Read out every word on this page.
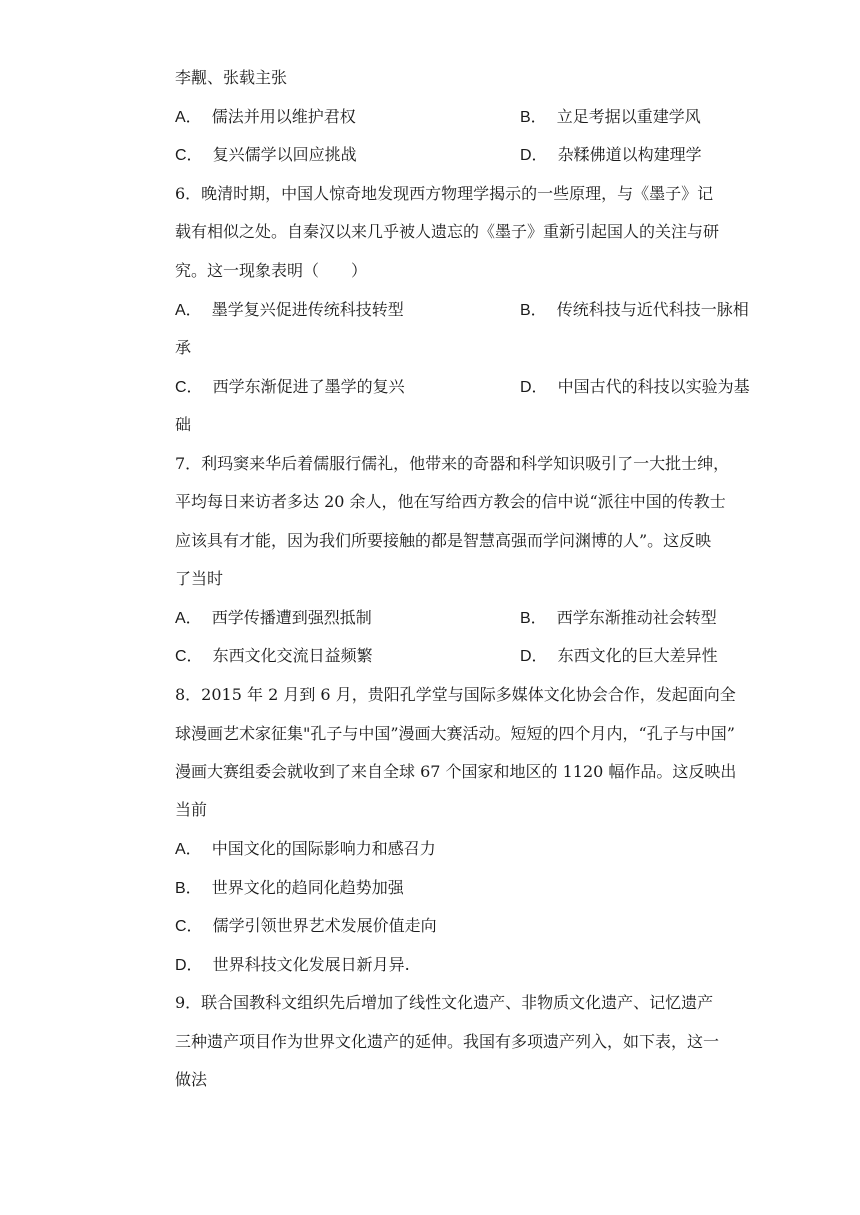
李觏、张载主张
A． 儒法并用以维护君权	B． 立足考据以重建学风
C． 复兴儒学以回应挑战	D． 杂糅佛道以构建理学
6．晚清时期，中国人惊奇地发现西方物理学揭示的一些原理，与《墨子》记
载有相似之处。自秦汉以来几乎被人遗忘的《墨子》重新引起国人的关注与研
究。这一现象表明（　　）
A． 墨学复兴促进传统科技转型	B． 传统科技与近代科技一脉相
承
C． 西学东渐促进了墨学的复兴	D． 中国古代的科技以实验为基
础
7．利玛窦来华后着儒服行儒礼，他带来的奇器和科学知识吸引了一大批士绅，
平均每日来访者多达 20 余人，他在写给西方教会的信中说“派往中国的传教士
应该具有才能，因为我们所要接触的都是智慧高强而学问渊博的人”。这反映
了当时
A． 西学传播遭到强烈抵制	B． 西学东渐推动社会转型
C． 东西文化交流日益频繁	D． 东西文化的巨大差异性
8．2015 年 2 月到 6 月，贵阳孔学堂与国际多媒体文化协会合作，发起面向全
球漫画艺术家征集"孔子与中国”漫画大赛活动。短短的四个月内，“孔子与中国”
漫画大赛组委会就收到了来自全球 67 个国家和地区的 1120 幅作品。这反映出
当前
A． 中国文化的国际影响力和感召力
B． 世界文化的趋同化趋势加强
C． 儒学引领世界艺术发展价值走向
D． 世界科技文化发展日新月异.
9．联合国教科文组织先后增加了线性文化遗产、非物质文化遗产、记忆遗产
三种遗产项目作为世界文化遗产的延伸。我国有多项遗产列入，如下表，这一
做法
